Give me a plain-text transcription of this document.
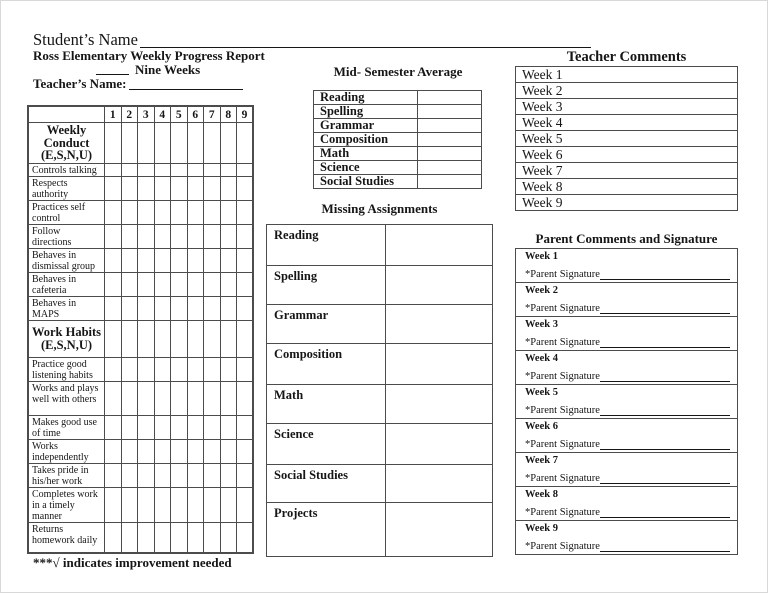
Student’s Name
Ross Elementary Weekly Progress Report
Nine Weeks
Teacher’s Name:
	1	2	3	4	5	6	7	8	9
Weekly Conduct (E,S,N,U)									
Controls talking									
Respects authority									
Practices self control									
Follow directions									
Behaves in dismissal group									
Behaves in cafeteria									
Behaves in MAPS									
Work Habits (E,S,N,U)									
Practice good listening habits									
Works and plays well with others									
Makes good use of time									
Works independently									
Takes pride in his/her work									
Completes work in a timely manner									
Returns homework daily									
Mid- Semester Average
Reading	
Spelling	
Grammar	
Composition	
Math	
Science	
Social Studies	
Missing Assignments
Reading	
Spelling	
Grammar	
Composition	
Math	
Science	
Social Studies	
Projects	
Teacher Comments
Week 1
Week 2
Week 3
Week 4
Week 5
Week 6
Week 7
Week 8
Week 9
Parent Comments and Signature
Week 1
*Parent Signature

Week 2
*Parent Signature

Week 3
*Parent Signature

Week 4
*Parent Signature

Week 5
*Parent Signature

Week 6
*Parent Signature

Week 7
*Parent Signature

Week 8
*Parent Signature

Week 9
*Parent Signature
***√ indicates improvement needed
